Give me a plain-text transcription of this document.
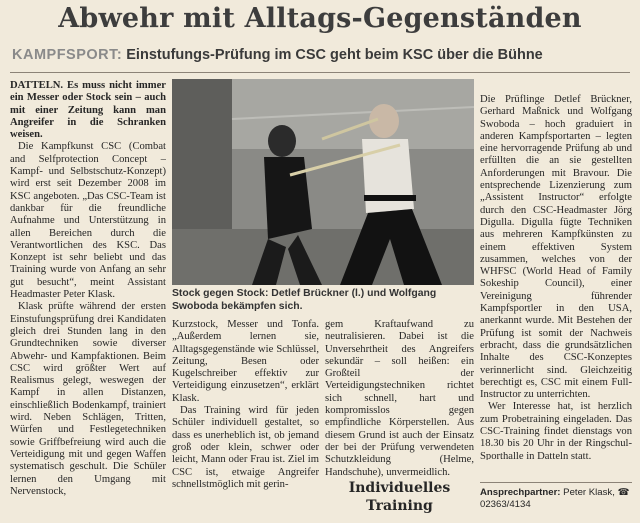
Abwehr mit Alltags-Gegenständen
KAMPFSPORT: Einstufungs-Prüfung im CSC geht beim KSC über die Bühne

DATTELN. Es muss nicht immer ein Messer oder Stock sein – auch mit einer Zeitung kann man Angreifer in die Schranken weisen.

Die Kampfkunst CSC (Combat and Selfprotection Concept – Kampf- und Selbstschutz-Konzept) wird erst seit Dezember 2008 im KSC angeboten. „Das CSC-Team ist dankbar für die freundliche Aufnahme und Unterstützung in allen Bereichen durch die Verantwortlichen des KSC. Das Konzept ist sehr beliebt und das Training wurde von Anfang an sehr gut besucht“, meint Assistant Headmaster Peter Klask.

Klask prüfte während der ersten Einstufungsprüfung drei Kandidaten gleich drei Stunden lang in den Grundtechniken sowie diverser Abwehr- und Kampfaktionen. Beim CSC wird größter Wert auf Realismus gelegt, weswegen der Kampf in allen Distanzen, einschließlich Bodenkampf, trainiert wird. Neben Schlägen, Tritten, Würfen und Festlegetechniken sowie Griffbefreiung wird auch die Verteidigung mit und gegen Waffen systematisch geschult. Die Schüler lernen den Umgang mit Nervenstock,

Stock gegen Stock: Detlef Brückner (l.) und Wolfgang Swoboda bekämpfen sich.

Kurzstock, Messer und Tonfa. „Außerdem lernen sie, Alltagsgegenstände wie Schlüssel, Zeitung, Besen oder Kugelschreiber effektiv zur Verteidigung einzusetzen“, erklärt Klask.

Das Training wird für jeden Schüler individuell gestaltet, so dass es unerheblich ist, ob jemand groß oder klein, schwer oder leicht, Mann oder Frau ist. Ziel im CSC ist, etwaige Angreifer schnellstmöglich mit gerin-

gem Kraftaufwand zu neutralisieren. Dabei ist die Unversehrtheit des Angreifers sekundär – soll heißen: ein Großteil der Verteidigungstechniken richtet sich schnell, hart und kompromisslos gegen empfindliche Körperstellen. Aus diesem Grund ist auch der Einsatz der bei der Prüfung verwendeten Schutzkleidung (Helme, Handschuhe), unvermeidlich.

Individuelles Training

Die Prüflinge Detlef Brückner, Gerhard Maßnick und Wolfgang Swoboda – hoch graduiert in anderen Kampfsportarten – legten eine hervorragende Prüfung ab und erfüllten die an sie gestellten Anforderungen mit Bravour. Die entsprechende Lizenzierung zum „Assistent Instructor“ erfolgte durch den CSC-Headmaster Jörg Digulla. Digulla fügte Techniken aus mehreren Kampfkünsten zu einem effektiven System zusammen, welches von der WHFSC (World Head of Family Sokeship Council), einer Vereinigung führender Kampfsportler in den USA, anerkannt wurde. Mit Bestehen der Prüfung ist somit der Nachweis erbracht, dass die grundsätzlichen Inhalte des CSC-Konzeptes verinnerlicht sind. Gleichzeitig berechtigt es, CSC mit einem Full-Instructor zu unterrichten.

Wer Interesse hat, ist herzlich zum Probetraining eingeladen. Das CSC-Training findet dienstags von 18.30 bis 20 Uhr in der Ringschul-Sporthalle in Datteln statt.

Ansprechpartner: Peter Klask, ☎ 02363/4134
